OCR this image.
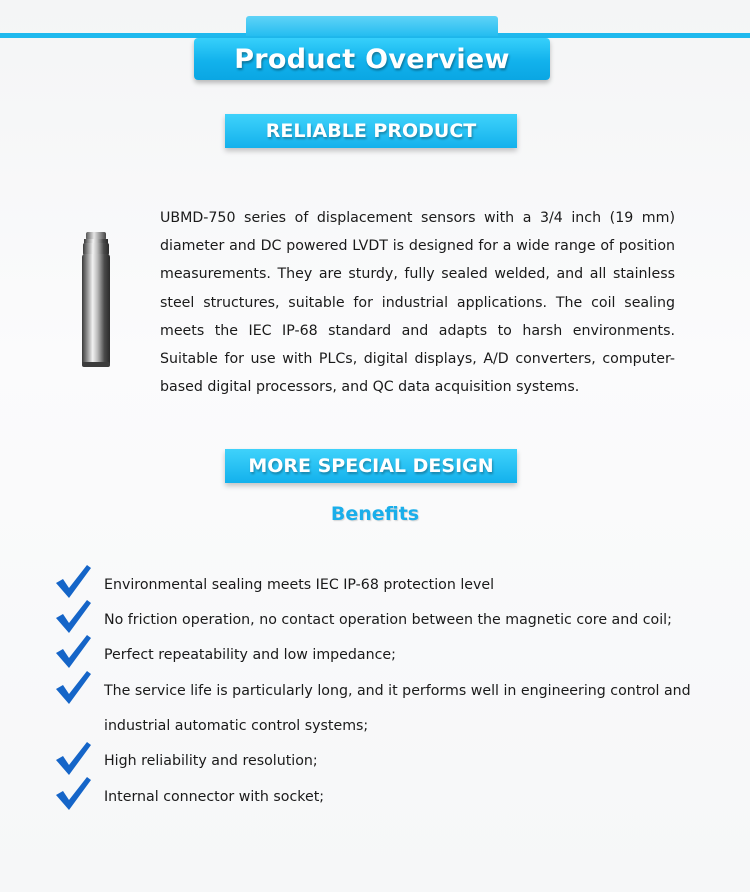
Product Overview
RELIABLE PRODUCT
UBMD-750 series of displacement sensors with a 3/4 inch (19 mm) diameter and DC powered LVDT is designed for a wide range of position measurements. They are sturdy, fully sealed welded, and all stainless steel structures, suitable for industrial applications. The coil sealing meets the IEC IP-68 standard and adapts to harsh environments. Suitable for use with PLCs, digital displays, A/D converters, computer-based digital processors, and QC data acquisition systems.
MORE SPECIAL DESIGN
Benefits
Environmental sealing meets IEC IP-68 protection level
No friction operation, no contact operation between the magnetic core and coil;
Perfect repeatability and low impedance;
The service life is particularly long, and it performs well in engineering control and industrial automatic control systems;
High reliability and resolution;
Internal connector with socket;
